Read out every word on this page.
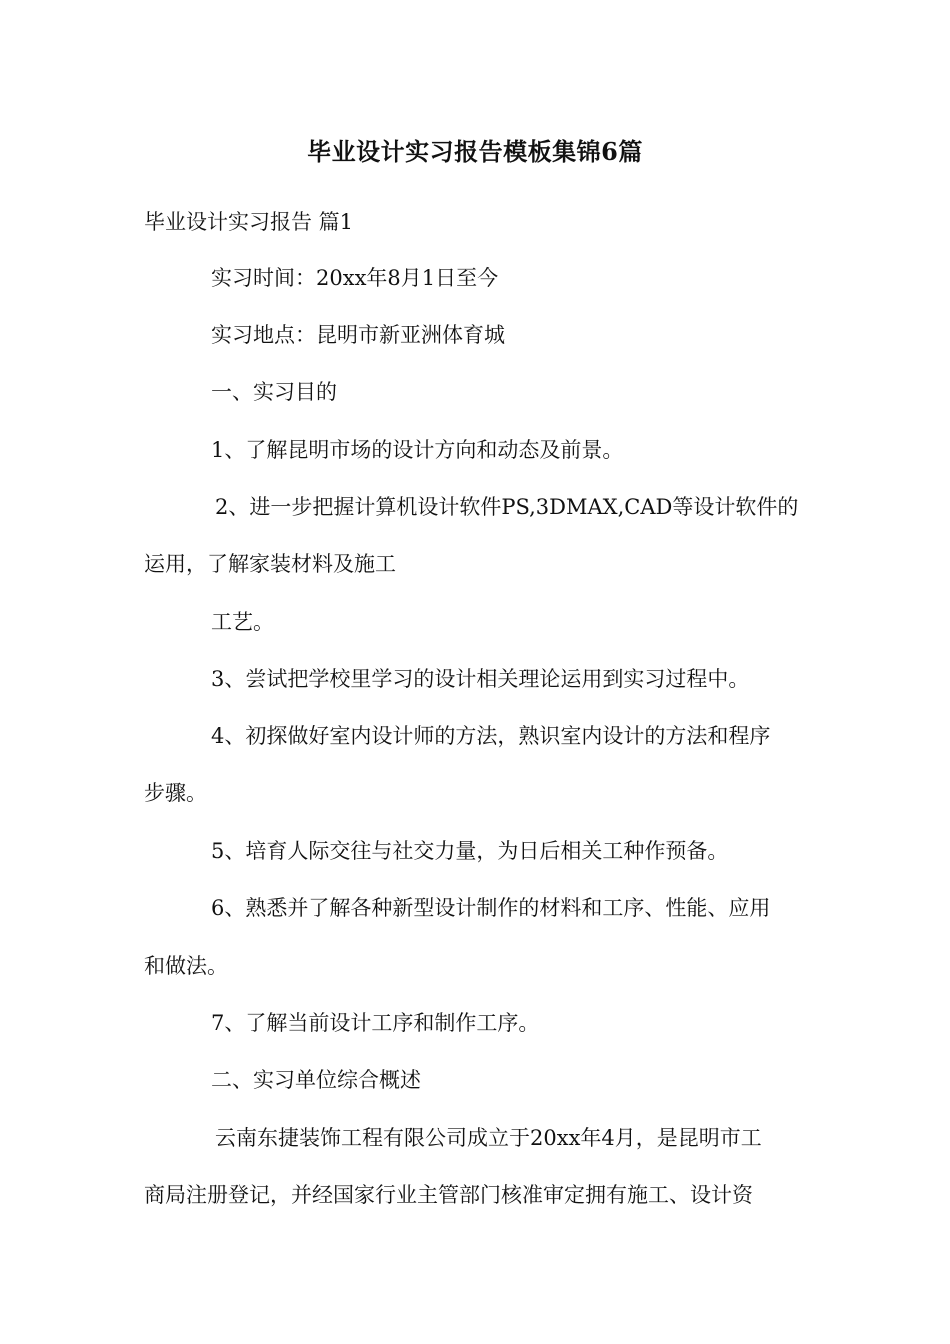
毕业设计实习报告模板集锦6篇
毕业设计实习报告 篇1
实习时间：20xx年8月1日至今
实习地点：昆明市新亚洲体育城
一、实习目的
1、了解昆明市场的设计方向和动态及前景。
2、进一步把握计算机设计软件PS,3DMAX,CAD等设计软件的
运用，了解家装材料及施工
工艺。
3、尝试把学校里学习的设计相关理论运用到实习过程中。
4、初探做好室内设计师的方法，熟识室内设计的方法和程序
步骤。
5、培育人际交往与社交力量，为日后相关工种作预备。
6、熟悉并了解各种新型设计制作的材料和工序、性能、应用
和做法。
7、了解当前设计工序和制作工序。
二、实习单位综合概述
云南东捷装饰工程有限公司成立于20xx年4月，是昆明市工
商局注册登记，并经国家行业主管部门核准审定拥有施工、设计资
